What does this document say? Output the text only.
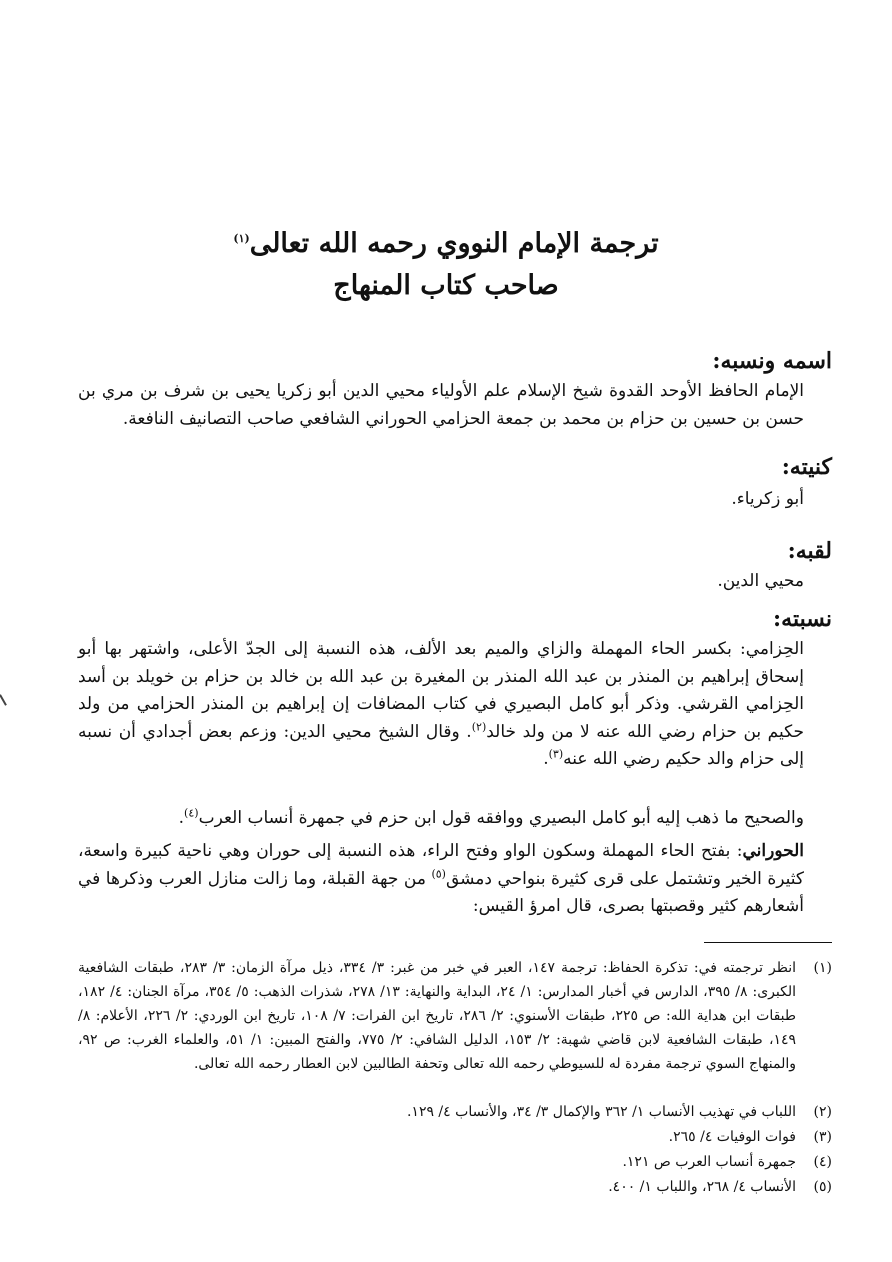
ترجمة الإمام النووي رحمه الله تعالى$^{(١)}$
صاحب كتاب المنهاج
اسمه ونسبه:
الإمام الحافظ الأوحد القدوة شيخ الإسلام علم الأولياء محيي الدين أبو زكريا يحيى بن شرف بن مري بن حسن بن حسين بن حزام بن محمد بن جمعة الحزامي الحوراني الشافعي صاحب التصانيف النافعة.
كنيته:
أبو زكرياء.
لقبه:
محيي الدين.
نسبته:
الحِزامي: بكسر الحاء المهملة والزاي والميم بعد الألف، هذه النسبة إلى الجدّ الأعلى، واشتهر بها أبو إسحاق إبراهيم بن المنذر بن عبد الله المنذر بن المغيرة بن عبد الله بن خالد بن حزام بن خويلد بن أسد الحِزامي القرشي. وذكر أبو كامل البصيري في كتاب المضافات إن إبراهيم بن المنذر الحزامي من ولد حكيم بن حزام رضي الله عنه لا من ولد خالد$^{(٢)}$. وقال الشيخ محيي الدين: وزعم بعض أجدادي أن نسبه إلى حزام والد حكيم رضي الله عنه$^{(٣)}$.
والصحيح ما ذهب إليه أبو كامل البصيري ووافقه قول ابن حزم في جمهرة أنساب العرب$^{(٤)}$.
الحوراني: بفتح الحاء المهملة وسكون الواو وفتح الراء، هذه النسبة إلى حوران وهي ناحية كبيرة واسعة، كثيرة الخير وتشتمل على قرى كثيرة بنواحي دمشق$^{(٥)}$ من جهة القبلة، وما زالت منازل العرب وذكرها في أشعارهم كثير وقصبتها بصرى، قال امرؤ القيس:
(١)
انظر ترجمته في: تذكرة الحفاظ: ترجمة ١٤٧، العبر في خبر من غبر: ٣/ ٣٣٤، ذيل مرآة الزمان: ٣/ ٢٨٣، طبقات الشافعية الكبرى: ٨/ ٣٩٥، الدارس في أخبار المدارس: ١/ ٢٤، البداية والنهاية: ١٣/ ٢٧٨، شذرات الذهب: ٥/ ٣٥٤، مرآة الجنان: ٤/ ١٨٢، طبقات ابن هداية الله: ص ٢٢٥، طبقات الأسنوي: ٢/ ٢٨٦، تاريخ ابن الفرات: ٧/ ١٠٨، تاريخ ابن الوردي: ٢/ ٢٢٦، الأعلام: ٨/ ١٤٩، طبقات الشافعية لابن قاضي شهبة: ٢/ ١٥٣، الدليل الشافي: ٢/ ٧٧٥، والفتح المبين: ١/ ٥١، والعلماء الغرب: ص ٩٢، والمنهاج السوي ترجمة مفردة له للسيوطي رحمه الله تعالى وتحفة الطالبين لابن العطار رحمه الله تعالى.
(٢)
اللباب في تهذيب الأنساب ١/ ٣٦٢ والإكمال ٣/ ٣٤، والأنساب ٤/ ١٢٩.
(٣)
فوات الوفيات ٤/ ٢٦٥.
(٤)
جمهرة أنساب العرب ص ١٢١.
(٥)
الأنساب ٤/ ٢٦٨، واللباب ١/ ٤٠٠.
